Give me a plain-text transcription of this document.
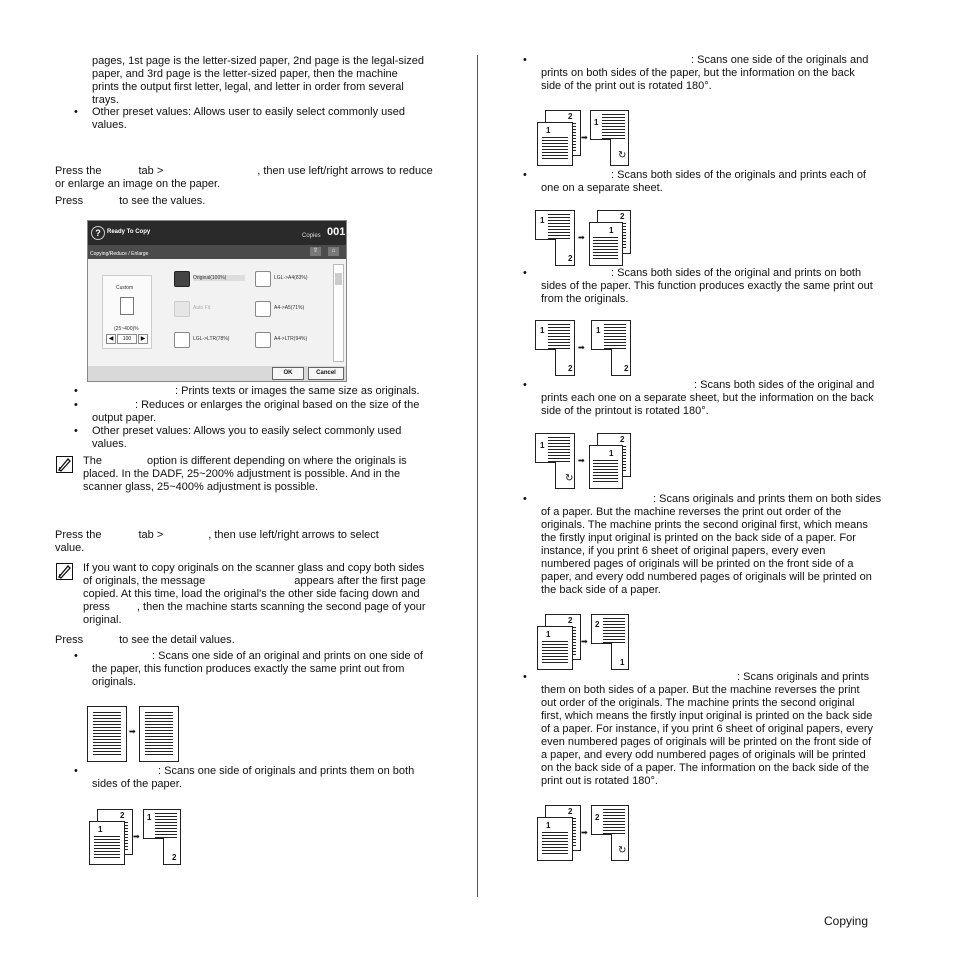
pages, 1st page is the letter-sized paper, 2nd page is the legal-sized

paper, and 3rd page is the letter-sized paper, then the machine

prints the output first letter, legal, and letter in order from several

trays.

• Other preset values: Allows user to easily select commonly used

values.

Press the	tab >	, then use left/right arrows to reduce

or enlarge an image on the paper.

Press	to see the values.
?	Ready To Copy
Copies 001
Copying/Reduce / Enlarge	⇧	⌂
Custom
(25~400)%
◀	100	▶
Original(100%)	LGL->A4(83%)
Auto Fit	A4->A5(71%)
LGL->LTR(78%)	A4->LTR(94%)
OK	Cancel
•	: Prints texts or images the same size as originals.

•	: Reduces or enlarges the original based on the size of the

output paper.

• Other preset values: Allows you to easily select commonly used

values.

The	option is different depending on where the originals is

placed. In the DADF, 25~200% adjustment is possible. And in the

scanner glass, 25~400% adjustment is possible.

Press the	tab >	, then use left/right arrows to select

value.

If you want to copy originals on the scanner glass and copy both sides

of originals, the message	appears after the first page

copied. At this time, load the original's the other side facing down and

press , then the machine starts scanning the second page of your

original.

Press	to see the detail values.
•	: Scans one side of an original and prints on one side of

the paper, this function produces exactly the same print out from

originals.

➡
•	: Scans one side of originals and prints them on both

sides of the paper.

2
1
➡
1
2
•	: Scans one side of the originals and

prints on both sides of the paper, but the information on the back

side of the print out is rotated 180°.

2
1
➡
1
↻
•	: Scans both sides of the originals and prints each of

one on a separate sheet.

1
2
➡
2
1
•	: Scans both sides of the original and prints on both

sides of the paper. This function produces exactly the same print out

from the originals.

1
2
➡
1
2
•	: Scans both sides of the original and

prints each one on a separate sheet, but the information on the back

side of the printout is rotated 180°.

1
↻
➡
2
1
•	: Scans originals and prints them on both sides

of a paper. But the machine reverses the print out order of the

originals. The machine prints the second original first, which means

the firstly input original is printed on the back side of a paper. For

instance, if you print 6 sheet of original papers, every even

numbered pages of originals will be printed on the front side of a

paper, and every odd numbered pages of originals will be printed on

the back side of a paper.

2
1
➡
2
1
•	: Scans originals and prints

them on both sides of a paper. But the machine reverses the print

out order of the originals. The machine prints the second original

first, which means the firstly input original is printed on the back side

of a paper. For instance, if you print 6 sheet of original papers, every

even numbered pages of originals will be printed on the front side of

a paper, and every odd numbered pages of originals will be printed

on the back side of a paper. The information on the back side of the

print out is rotated 180°.

2
1
➡
2
↻
Copying
